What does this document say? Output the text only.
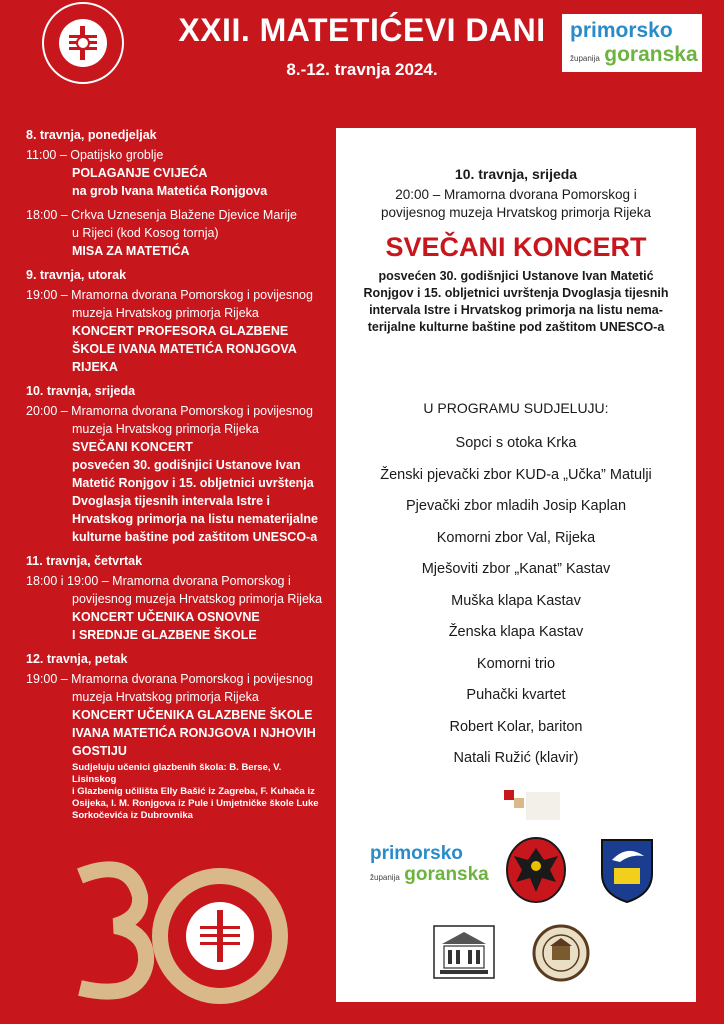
XXII. MATETIĆEVI DANI
8.-12. travnja 2024.
primorsko
županija goranska
8. travnja, ponedjeljak
11:00 – Opatijsko groblje
POLAGANJE CVIJEĆA
na grob Ivana Matetića Ronjgova
18:00 – Crkva Uznesenja Blažene Djevice Marije
u Rijeci (kod Kosog tornja)
MISA ZA MATETIĆA
9. travnja, utorak
19:00 – Mramorna dvorana Pomorskog i povijesnog
muzeja Hrvatskog primorja Rijeka
KONCERT PROFESORA GLAZBENE
ŠKOLE IVANA MATETIĆA RONJGOVA
RIJEKA
10. travnja, srijeda
20:00 – Mramorna dvorana Pomorskog i povijesnog
muzeja Hrvatskog primorja Rijeka
SVEČANI KONCERT
posvećen 30. godišnjici Ustanove Ivan
Matetić Ronjgov i 15. obljetnici uvrštenja
Dvoglasja tijesnih intervala Istre i
Hrvatskog primorja na listu nematerijalne
kulturne baštine pod zaštitom UNESCO-a
11. travnja, četvrtak
18:00 i 19:00 – Mramorna dvorana Pomorskog i
povijesnog muzeja Hrvatskog primorja Rijeka
KONCERT UČENIKA OSNOVNE
I SREDNJE GLAZBENE ŠKOLE
12. travnja, petak
19:00 – Mramorna dvorana Pomorskog i povijesnog
muzeja Hrvatskog primorja Rijeka
KONCERT UČENIKA GLAZBENE ŠKOLE
IVANA MATETIĆA RONJGOVA I NJHOVIH
GOSTIJU
Sudjeluju učenici glazbenih škola: B. Berse, V. Lisinskog
i Glazbenig učilišta Elly Bašić iz Zagreba, F. Kuhača iz
Osijeka, I. M. Ronjgova iz Pule i Umjetničke škole Luke
Sorkočevića iz Dubrovnika
10. travnja, srijeda
20:00 – Mramorna dvorana Pomorskog i
povijesnog muzeja Hrvatskog primorja Rijeka
SVEČANI KONCERT
posvećen 30. godišnjici Ustanove Ivan Matetić
Ronjgov i 15. obljetnici uvrštenja Dvoglasja tijesnih
intervala Istre i Hrvatskog primorja na listu nema-
terijalne kulturne baštine pod zaštitom UNESCO-a
U PROGRAMU SUDJELUJU:
Sopci s otoka Krka
Ženski pjevački zbor KUD-a „Učka” Matulji
Pjevački zbor mladih Josip Kaplan
Komorni zbor Val, Rijeka
Mješoviti zbor „Kanat” Kastav
Muška klapa Kastav
Ženska klapa Kastav
Komorni trio
Puhački kvartet
Robert Kolar, bariton
Natali Ružić (klavir)
primorsko
županija goranska
